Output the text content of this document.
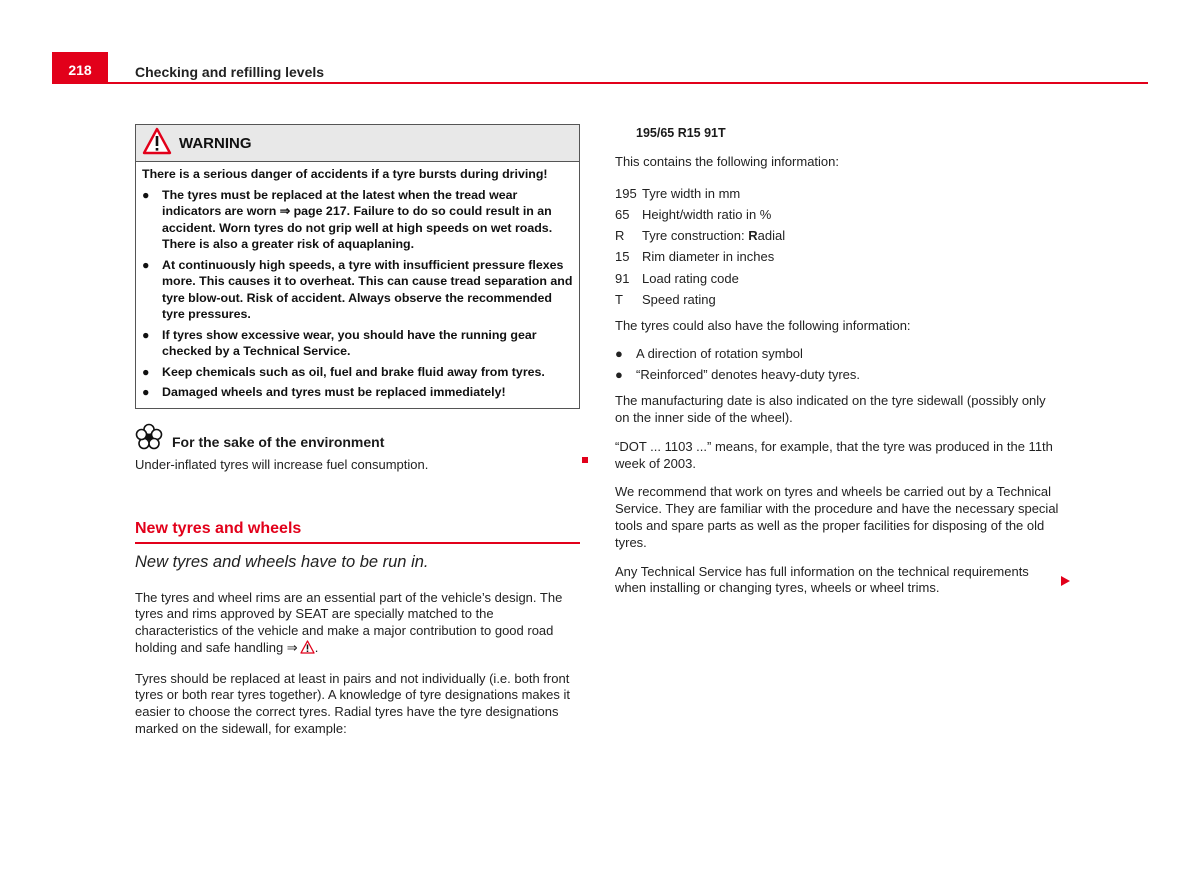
218	Checking and refilling levels
WARNING

There is a serious danger of accidents if a tyre bursts during driving!

●	The tyres must be replaced at the latest when the tread wear indicators are worn ⇒ page 217. Failure to do so could result in an accident. Worn tyres do not grip well at high speeds on wet roads. There is also a greater risk of aquaplaning.
●	At continuously high speeds, a tyre with insufficient pressure flexes more. This causes it to overheat. This can cause tread separation and tyre blow-out. Risk of accident. Always observe the recommended tyre pressures.
●	If tyres show excessive wear, you should have the running gear checked by a Technical Service.
●	Keep chemicals such as oil, fuel and brake fluid away from tyres.
●	Damaged wheels and tyres must be replaced immediately!
For the sake of the environment
Under-inflated tyres will increase fuel consumption.
New tyres and wheels
New tyres and wheels have to be run in.

The tyres and wheel rims are an essential part of the vehicle’s design. The tyres and rims approved by SEAT are specially matched to the characteristics of the vehicle and make a major contribution to good road holding and safe handling ⇒ .

Tyres should be replaced at least in pairs and not individually (i.e. both front tyres or both rear tyres together). A knowledge of tyre designations makes it easier to choose the correct tyres. Radial tyres have the tyre designations marked on the sidewall, for example:

195/65 R15 91T

This contains the following information:

195 Tyre width in mm
65 Height/width ratio in %
R	Tyre construction: Radial
15 Rim diameter in inches
91 Load rating code
T	Speed rating

The tyres could also have the following information:

●	A direction of rotation symbol
●	“Reinforced” denotes heavy-duty tyres.

The manufacturing date is also indicated on the tyre sidewall (possibly only on the inner side of the wheel).

“DOT ... 1103 ...” means, for example, that the tyre was produced in the 11th week of 2003.

We recommend that work on tyres and wheels be carried out by a Technical Service. They are familiar with the procedure and have the necessary special tools and spare parts as well as the proper facilities for disposing of the old tyres.

Any Technical Service has full information on the technical requirements when installing or changing tyres, wheels or wheel trims.
